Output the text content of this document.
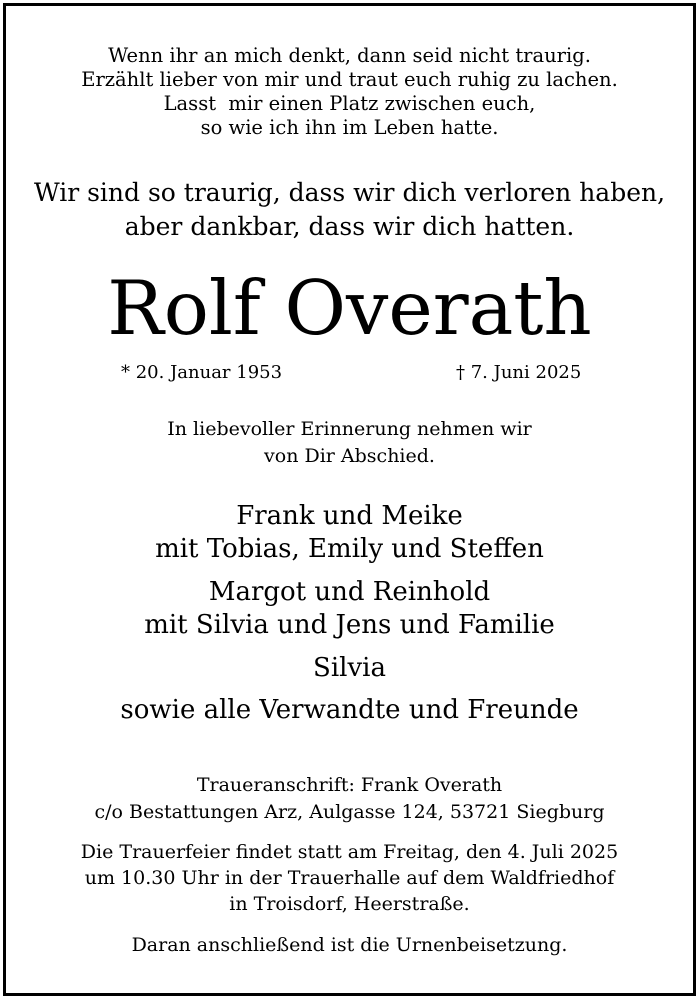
Wenn ihr an mich denkt, dann seid nicht traurig.
Erzählt lieber von mir und traut euch ruhig zu lachen.
Lasst  mir einen Platz zwischen euch,
so wie ich ihn im Leben hatte.
Wir sind so traurig, dass wir dich verloren haben,
aber dankbar, dass wir dich hatten.
Rolf Overath
* 20. Januar 1953	† 7. Juni 2025
In liebevoller Erinnerung nehmen wir
von Dir Abschied.
Frank und Meike
mit Tobias, Emily und Steffen
Margot und Reinhold
mit Silvia und Jens und Familie
Silvia
sowie alle Verwandte und Freunde
Traueranschrift: Frank Overath
c/o Bestattungen Arz, Aulgasse 124, 53721 Siegburg
Die Trauerfeier findet statt am Freitag, den 4. Juli 2025
um 10.30 Uhr in der Trauerhalle auf dem Waldfriedhof
in Troisdorf, Heerstraße.
Daran anschließend ist die Urnenbeisetzung.
